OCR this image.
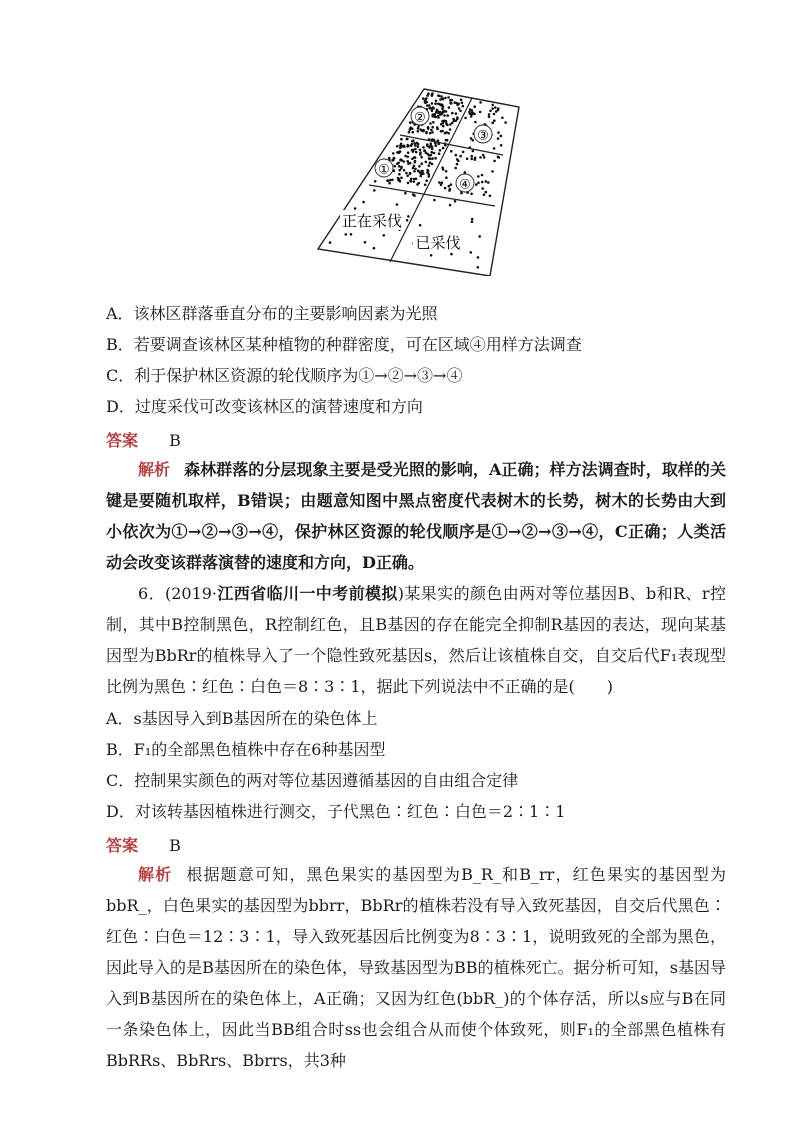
②
③
①
④
正在采伐
已采伐
A．该林区群落垂直分布的主要影响因素为光照
B．若要调查该林区某种植物的种群密度，可在区域④用样方法调查
C．利于保护林区资源的轮伐顺序为①→②→③→④
D．过度采伐可改变该林区的演替速度和方向
答案 B
解析 森林群落的分层现象主要是受光照的影响，A正确；样方法调查时，取样的关键是要随机取样，B错误；由题意知图中黑点密度代表树木的长势，树木的长势由大到小依次为①→②→③→④，保护林区资源的轮伐顺序是①→②→③→④，C正确；人类活动会改变该群落演替的速度和方向，D正确。
6．(2019·江西省临川一中考前模拟)某果实的颜色由两对等位基因B、b和R、r控制，其中B控制黑色，R控制红色，且B基因的存在能完全抑制R基因的表达，现向某基因型为BbRr的植株导入了一个隐性致死基因s，然后让该植株自交，自交后代F₁表现型比例为黑色∶红色∶白色＝8∶3∶1，据此下列说法中不正确的是(　　)
A．s基因导入到B基因所在的染色体上
B．F₁的全部黑色植株中存在6种基因型
C．控制果实颜色的两对等位基因遵循基因的自由组合定律
D．对该转基因植株进行测交，子代黑色∶红色∶白色＝2∶1∶1
答案 B
解析 根据题意可知，黑色果实的基因型为B_R_和B_rr，红色果实的基因型为bbR_，白色果实的基因型为bbrr，BbRr的植株若没有导入致死基因，自交后代黑色∶红色∶白色＝12∶3∶1，导入致死基因后比例变为8∶3∶1，说明致死的全部为黑色，因此导入的是B基因所在的染色体，导致基因型为BB的植株死亡。据分析可知，s基因导入到B基因所在的染色体上，A正确；又因为红色(bbR_)的个体存活，所以s应与B在同一条染色体上，因此当BB组合时ss也会组合从而使个体致死，则F₁的全部黑色植株有BbRRs、BbRrs、Bbrrs，共3种
